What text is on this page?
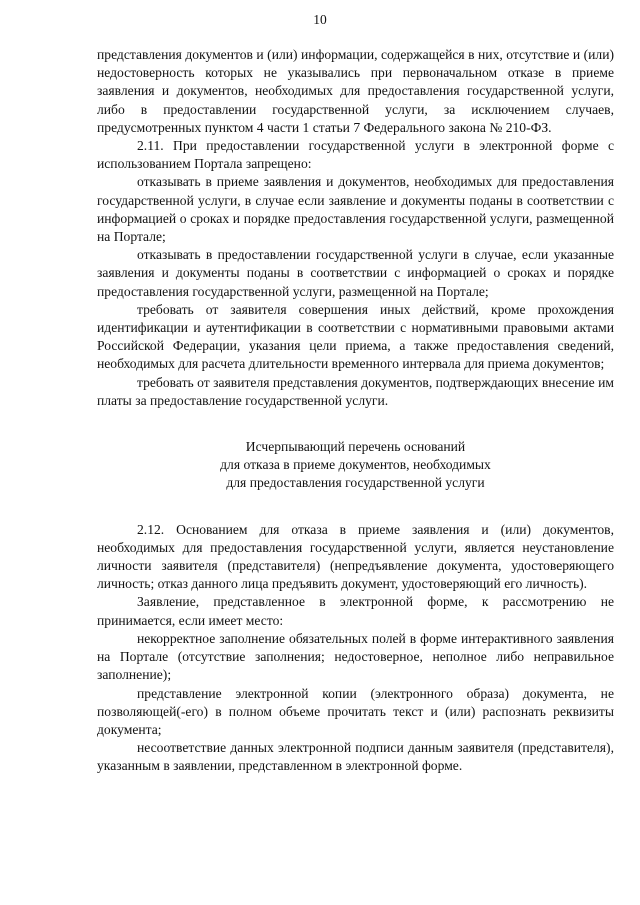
10

представления документов и (или) информации, содержащейся в них, отсутствие и (или) недостоверность которых не указывались при первоначальном отказе в приеме заявления и документов, необходимых для предоставления государственной услуги, либо в предоставлении государственной услуги, за исключением случаев, предусмотренных пунктом 4 части 1 статьи 7 Федерального закона № 210-ФЗ.

2.11. При предоставлении государственной услуги в электронной форме с использованием Портала запрещено:

отказывать в приеме заявления и документов, необходимых для предоставления государственной услуги, в случае если заявление и документы поданы в соответствии с информацией о сроках и порядке предоставления государственной услуги, размещенной на Портале;

отказывать в предоставлении государственной услуги в случае, если указанные заявления и документы поданы в соответствии с информацией о сроках и порядке предоставления государственной услуги, размещенной на Портале;

требовать от заявителя совершения иных действий, кроме прохождения идентификации и аутентификации в соответствии с нормативными правовыми актами Российской Федерации, указания цели приема, а также предоставления сведений, необходимых для расчета длительности временного интервала для приема документов;

требовать от заявителя представления документов, подтверждающих внесение им платы за предоставление государственной услуги.

Исчерпывающий перечень оснований
для отказа в приеме документов, необходимых
для предоставления государственной услуги

2.12. Основанием для отказа в приеме заявления и (или) документов, необходимых для предоставления государственной услуги, является неустановление личности заявителя (представителя) (непредъявление документа, удостоверяющего личность; отказ данного лица предъявить документ, удостоверяющий его личность).

Заявление, представленное в электронной форме, к рассмотрению не принимается, если имеет место:

некорректное заполнение обязательных полей в форме интерактивного заявления на Портале (отсутствие заполнения; недостоверное, неполное либо неправильное заполнение);

представление электронной копии (электронного образа) документа, не позволяющей(-его) в полном объеме прочитать текст и (или) распознать реквизиты документа;

несоответствие данных электронной подписи данным заявителя (представителя), указанным в заявлении, представленном в электронной форме.
